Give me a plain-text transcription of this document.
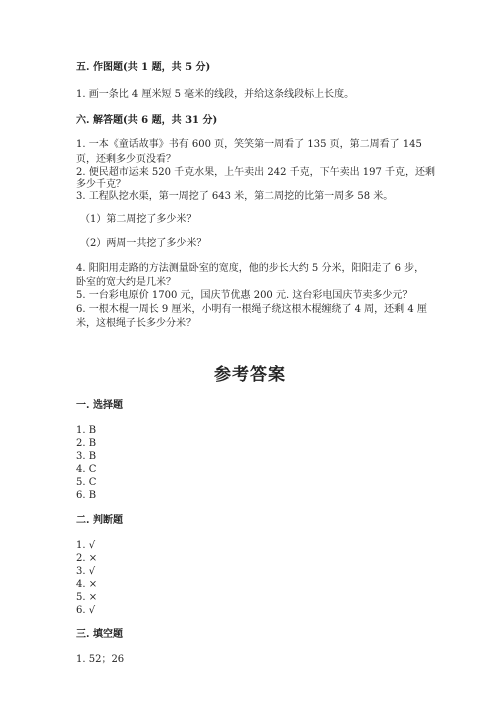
五. 作图题(共 1 题，共 5 分)
1. 画一条比 4 厘米短 5 毫米的线段，并给这条线段标上长度。
六. 解答题(共 6 题，共 31 分)
1. 一本《童话故事》书有 600 页，笑笑第一周看了 135 页，第二周看了 145
页，还剩多少页没看？
2. 便民超市运来 520 千克水果，上午卖出 242 千克，下午卖出 197 千克，还剩
多少千克？
3. 工程队挖水渠，第一周挖了 643 米，第二周挖的比第一周多 58 米。
（1）第二周挖了多少米？
（2）两周一共挖了多少米？
4. 阳阳用走路的方法测量卧室的宽度，他的步长大约 5 分米，阳阳走了 6 步，
卧室的宽大约是几米？
5. 一台彩电原价 1700 元，国庆节优惠 200 元. 这台彩电国庆节卖多少元？
6. 一根木棍一周长 9 厘米，小明有一根绳子绕这根木棍缠绕了 4 周，还剩 4 厘
米，这根绳子长多少分米？
参考答案
一. 选择题
1. B
2. B
3. B
4. C
5. C
6. B
二. 判断题
1. √
2. ×
3. √
4. ×
5. ×
6. √
三. 填空题
1. 52；26
